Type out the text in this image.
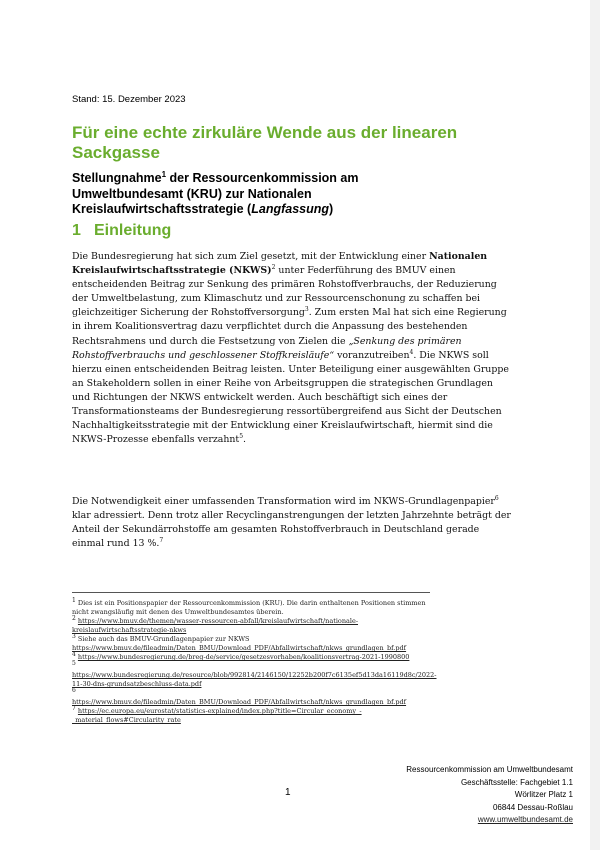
Stand: 15. Dezember 2023
Für eine echte zirkuläre Wende aus der linearen Sackgasse
Stellungnahme$^1$ der Ressourcenkommission am Umweltbundesamt (KRU) zur Nationalen Kreislaufwirtschaftsstrategie (Langfassung)
1 Einleitung

Die Bundesregierung hat sich zum Ziel gesetzt, mit der Entwicklung einer Nationalen Kreislaufwirtschaftsstrategie (NKWS)$^2$ unter Federführung des BMUV einen entscheidenden Beitrag zur Senkung des primären Rohstoffverbrauchs, der Reduzierung der Umweltbelastung, zum Klimaschutz und zur Ressourcenschonung zu schaffen bei gleichzeitiger Sicherung der Rohstoffversorgung$^3$. Zum ersten Mal hat sich eine Regierung in ihrem Koalitionsvertrag dazu verpflichtet durch die Anpassung des bestehenden Rechtsrahmens und durch die Festsetzung von Zielen die „Senkung des primären Rohstoffverbrauchs und geschlossener Stoffkreisläufe“ voranzutreiben$^4$. Die NKWS soll hierzu einen entscheidenden Beitrag leisten. Unter Beteiligung einer ausgewählten Gruppe an Stakeholdern sollen in einer Reihe von Arbeitsgruppen die strategischen Grundlagen und Richtungen der NKWS entwickelt werden. Auch beschäftigt sich eines der Transformationsteams der Bundesregierung ressortübergreifend aus Sicht der Deutschen Nachhaltigkeitsstrategie mit der Entwicklung einer Kreislaufwirtschaft, hiermit sind die NKWS-Prozesse ebenfalls verzahnt$^5$.

Die Notwendigkeit einer umfassenden Transformation wird im NKWS-Grundlagenpapier$^6$ klar adressiert. Denn trotz aller Recyclinganstrengungen der letzten Jahrzehnte beträgt der Anteil der Sekundärrohstoffe am gesamten Rohstoffverbrauch in Deutschland gerade einmal rund 13 %.$^7$

$^1$ Dies ist ein Positionspapier der Ressourcenkommission (KRU). Die darin enthaltenen Positionen stimmen nicht zwangsläufig mit denen des Umweltbundesamtes überein.

$^2$ https://www.bmuv.de/themen/wasser-ressourcen-abfall/kreislaufwirtschaft/nationale-kreislaufwirtschaftsstrategie-nkws

$^3$ Siehe auch das BMUV-Grundlagenpapier zur NKWS
https://www.bmuv.de/fileadmin/Daten_BMU/Download_PDF/Abfallwirtschaft/nkws_grundlagen_bf.pdf

$^4$ https://www.bundesregierung.de/breg-de/service/gesetzesvorhaben/koalitionsvertrag-2021-1990800

$^5$
https://www.bundesregierung.de/resource/blob/992814/2146150/12252b200f7c6135ef5d13da16119d8c/2022-11-30-dns-grundsatzbeschluss-data.pdf

$^6$
https://www.bmuv.de/fileadmin/Daten_BMU/Download_PDF/Abfallwirtschaft/nkws_grundlagen_bf.pdf

$^7$ https://ec.europa.eu/eurostat/statistics-explained/index.php?title=Circular_economy_-_material_flows#Circularity_rate

1
Ressourcenkommission am Umweltbundesamt
Geschäftsstelle: Fachgebiet 1.1
Wörlitzer Platz 1
06844 Dessau-Roßlau
www.umweltbundesamt.de
